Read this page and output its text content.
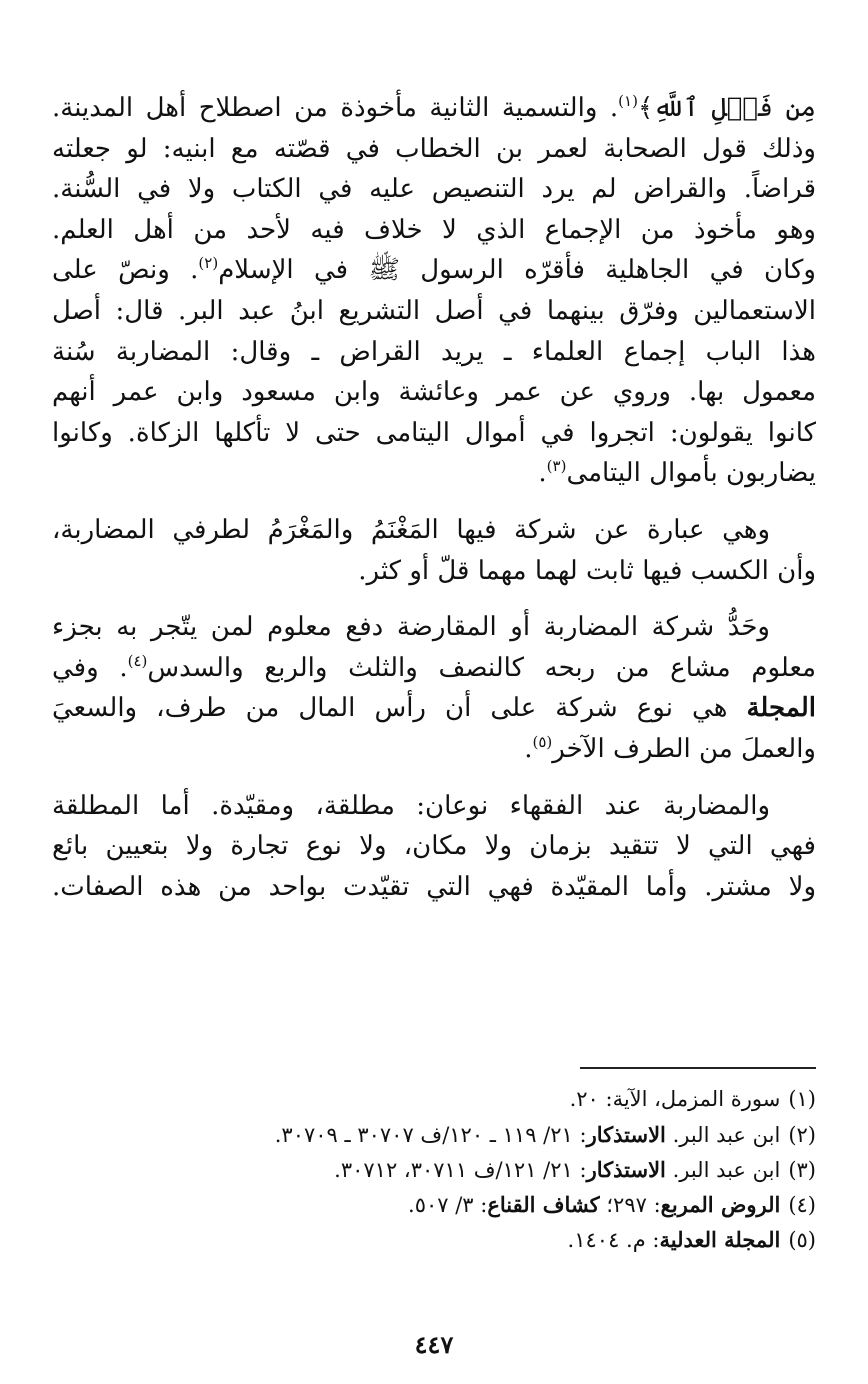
مِن فَضۡلِ ٱللَّهِ﴾$^{(١)}$. والتسمية الثانية مأخوذة من اصطلاح أهل المدينة.
وذلك قول الصحابة لعمر بن الخطاب في قصّته مع ابنيه: لو جعلته
قراضاً. والقراض لم يرد التنصيص عليه في الكتاب ولا في السُّنة.
وهو مأخوذ من الإجماع الذي لا خلاف فيه لأحد من أهل العلم.
وكان في الجاهلية فأقرّه الرسول ﷺ في الإسلام$^{(٢)}$. ونصّ على
الاستعمالين وفرّق بينهما في أصل التشريع ابنُ عبد البر. قال: أصل
هذا الباب إجماع العلماء ـ يريد القراض ـ وقال: المضاربة سُنة
معمول بها. وروي عن عمر وعائشة وابن مسعود وابن عمر أنهم
كانوا يقولون: اتجروا في أموال اليتامى حتى لا تأكلها الزكاة. وكانوا
يضاربون بأموال اليتامى$^{(٣)}$.
وهي عبارة عن شركة فيها المَغْنَمُ والمَغْرَمُ لطرفي المضاربة،
وأن الكسب فيها ثابت لهما مهما قلّ أو كثر.
وحَدُّ شركة المضاربة أو المقارضة دفع معلوم لمن يتّجر به بجزء
معلوم مشاع من ربحه كالنصف والثلث والربع والسدس$^{(٤)}$. وفي
المجلة هي نوع شركة على أن رأس المال من طرف، والسعيَ
والعملَ من الطرف الآخر$^{(٥)}$.
والمضاربة عند الفقهاء نوعان: مطلقة، ومقيّدة. أما المطلقة
فهي التي لا تتقيد بزمان ولا مكان، ولا نوع تجارة ولا بتعيين بائع
ولا مشتر. وأما المقيّدة فهي التي تقيّدت بواحد من هذه الصفات.
(١)سورة المزمل، الآية: ٢٠.
(٢)ابن عبد البر. الاستذكار: ٢١/ ١١٩ ـ ١٢٠/ف ٣٠٧٠٧ ـ ٣٠٧٠٩.
(٣)ابن عبد البر. الاستذكار: ٢١/ ١٢١/ف ٣٠٧١١، ٣٠٧١٢.
(٤)الروض المربع: ٢٩٧؛ كشاف القناع: ٣/ ٥٠٧.
(٥)المجلة العدلية: م. ١٤٠٤.
٤٤٧
